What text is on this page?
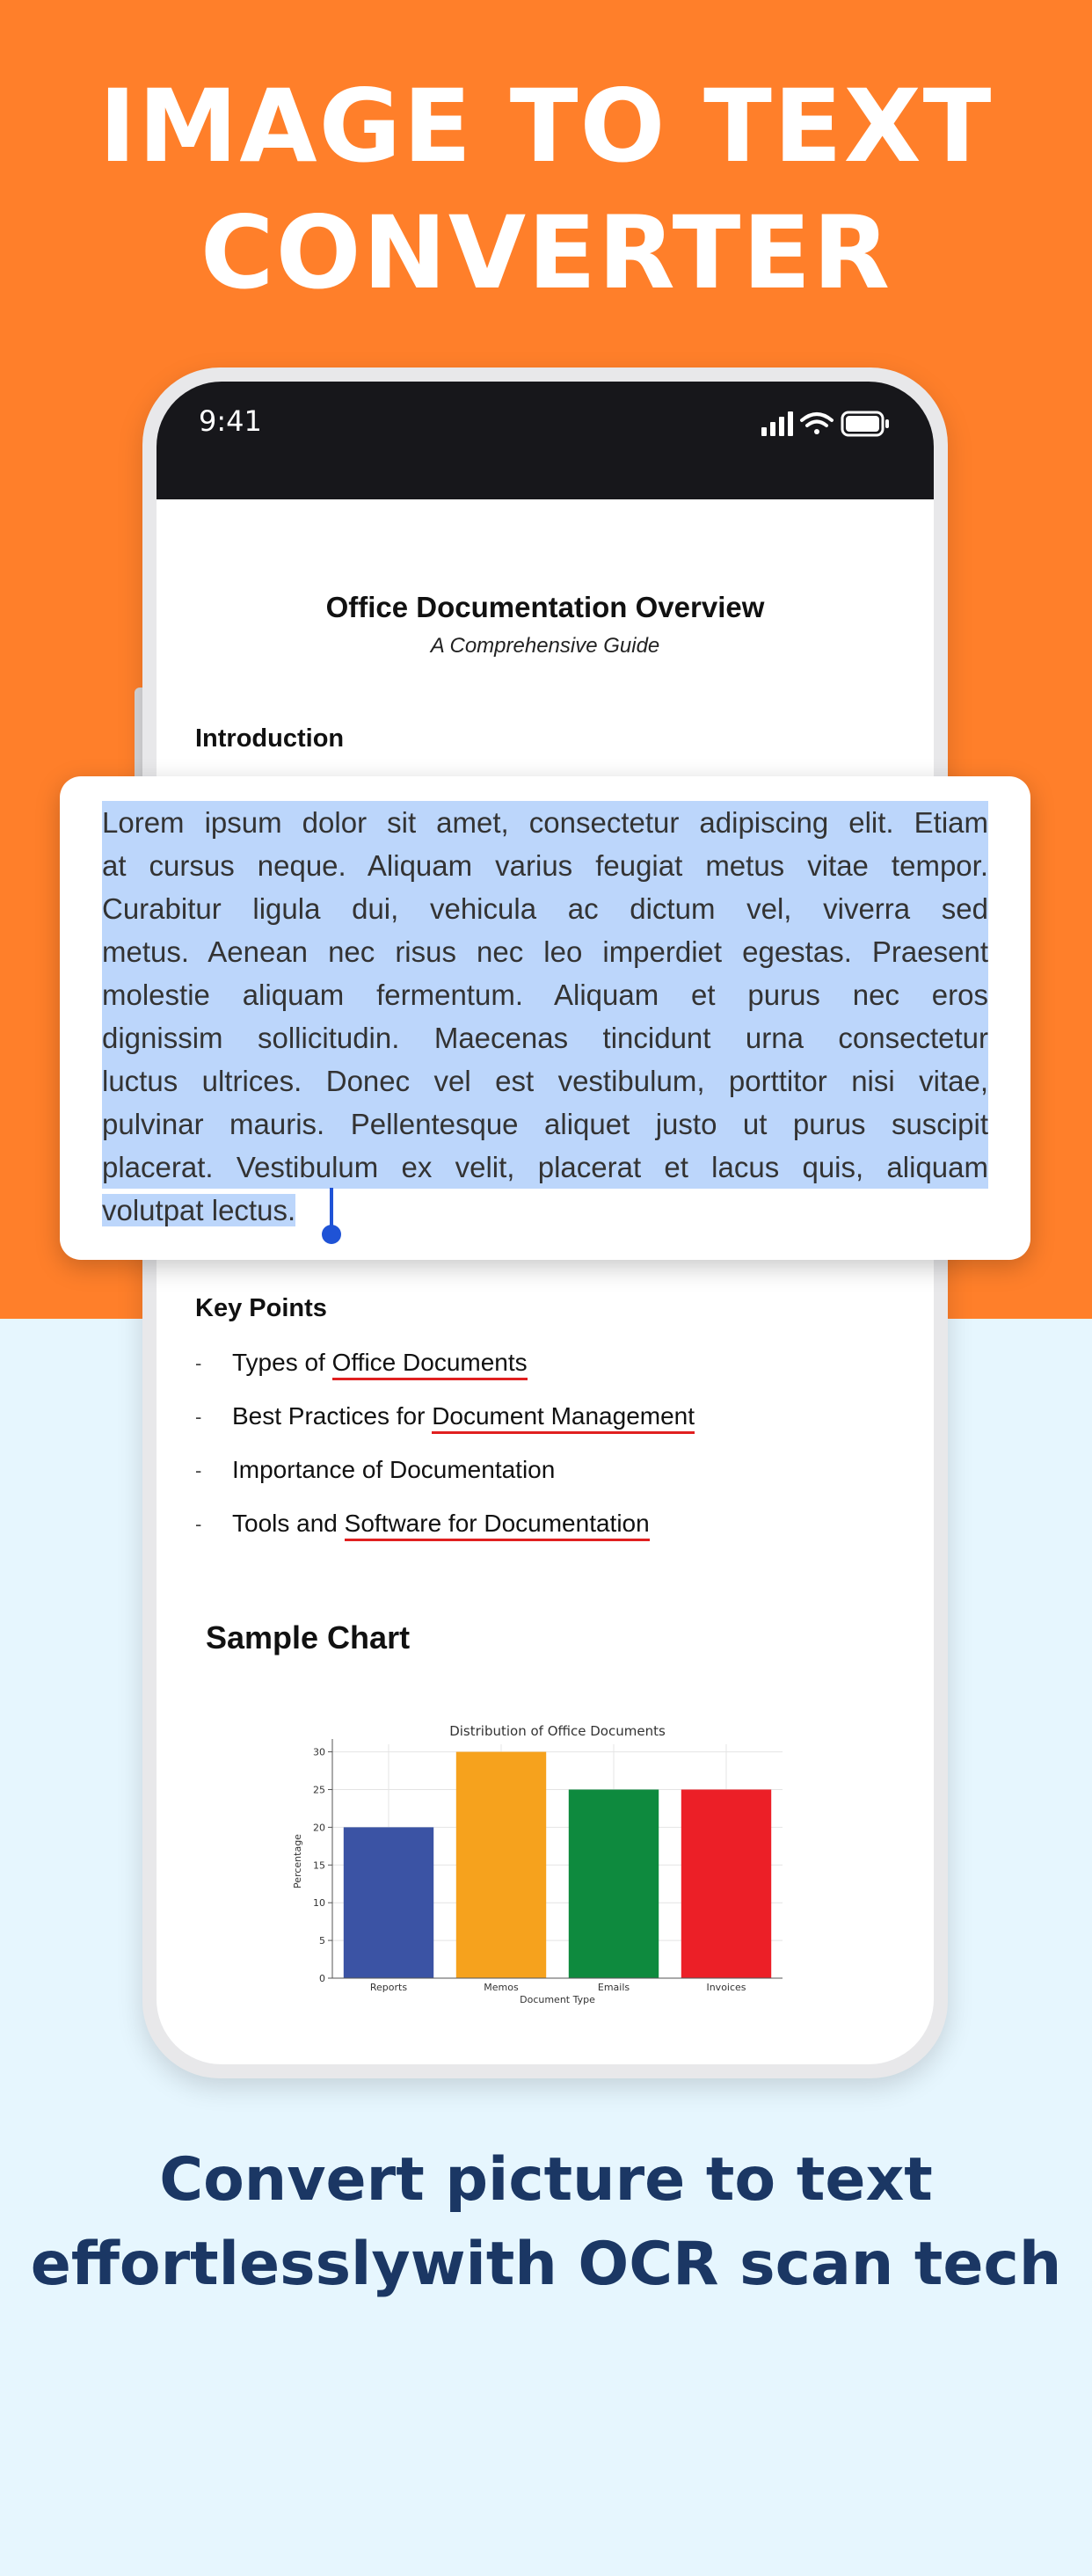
IMAGE TO TEXT
CONVERTER
9:41
Office Documentation Overview
A Comprehensive Guide
Introduction
Key Points
- Types of Office Documents
- Best Practices for Document Management
- Importance of Documentation
- Tools and Software for Documentation
Sample Chart
Distribution of Office Documents
Reports	Memos	Emails	Invoices
0
5
10
15
20
25
30
Document Type
Percentage
Lorem ipsum dolor sit amet, consectetur adipiscing elit. Etiam
at cursus neque. Aliquam varius feugiat metus vitae tempor.
Curabitur ligula dui, vehicula ac dictum vel, viverra sed
metus. Aenean nec risus nec leo imperdiet egestas. Praesent
molestie aliquam fermentum. Aliquam et purus nec eros
dignissim sollicitudin. Maecenas tincidunt urna consectetur
luctus ultrices. Donec vel est vestibulum, porttitor nisi vitae,
pulvinar mauris. Pellentesque aliquet justo ut purus suscipit
placerat. Vestibulum ex velit, placerat et lacus quis, aliquam
volutpat lectus.
Convert picture to text
effortlesslywith OCR scan tech
